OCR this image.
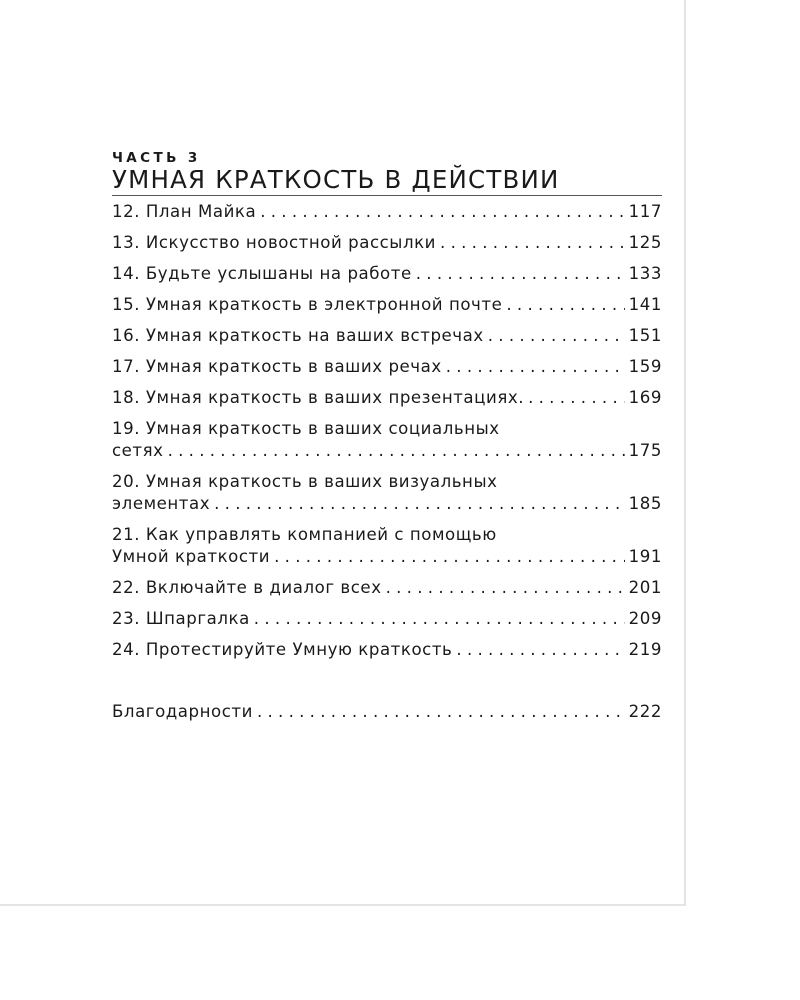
ЧАСТЬ 3
УМНАЯ КРАТКОСТЬ В ДЕЙСТВИИ
12. План Майка . . .	117
13. Искусство новостной рассылки . . .	125
14. Будьте услышаны на работе . . .	133
15. Умная краткость в электронной почте . . .	141
16. Умная краткость на ваших встречах . . .	151
17. Умная краткость в ваших речах . . .	159
18. Умная краткость в ваших презентациях. . . .	169
19. Умная краткость в ваших социальных
сетях . . .	175
20. Умная краткость в ваших визуальных
элементах . . .	185
21. Как управлять компанией с помощью
Умной краткости . . .	191
22. Включайте в диалог всех . . .	201
23. Шпаргалка . . .	209
24. Протестируйте Умную краткость . . .	219
Благодарности . . .	222
